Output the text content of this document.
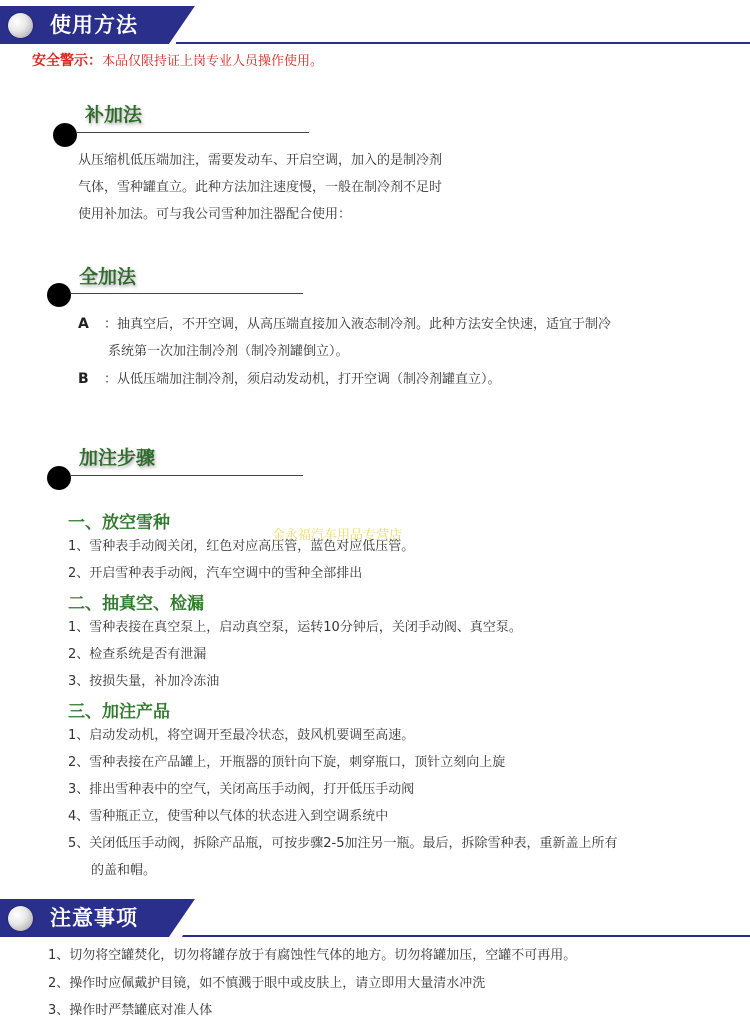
使用方法
安全警示：本品仅限持证上岗专业人员操作使用。
补加法
从压缩机低压端加注，需要发动车、开启空调，加入的是制冷剂
气体，雪种罐直立。此种方法加注速度慢，一般在制冷剂不足时
使用补加法。可与我公司雪种加注器配合使用：
全加法
A ：抽真空后，不开空调，从高压端直接加入液态制冷剂。此种方法安全快速，适宜于制冷
系统第一次加注制冷剂（制冷剂罐倒立）。
B ：从低压端加注制冷剂，须启动发动机，打开空调（制冷剂罐直立）。
加注步骤
一、放空雪种
金永福汽车用品专营店
1、雪种表手动阀关闭，红色对应高压管，蓝色对应低压管。
2、开启雪种表手动阀，汽车空调中的雪种全部排出
二、抽真空、检漏
1、雪种表接在真空泵上，启动真空泵，运转10分钟后，关闭手动阀、真空泵。
2、检查系统是否有泄漏
3、按损失量，补加冷冻油
三、加注产品
1、启动发动机，将空调开至最冷状态，鼓风机要调至高速。
2、雪种表接在产品罐上，开瓶器的顶针向下旋，刺穿瓶口，顶针立刻向上旋
3、排出雪种表中的空气，关闭高压手动阀，打开低压手动阀
4、雪种瓶正立，使雪种以气体的状态进入到空调系统中
5、关闭低压手动阀，拆除产品瓶，可按步骤2-5加注另一瓶。最后，拆除雪种表，重新盖上所有
的盖和帽。
注意事项
1、切勿将空罐焚化，切勿将罐存放于有腐蚀性气体的地方。切勿将罐加压，空罐不可再用。
2、操作时应佩戴护目镜，如不慎溅于眼中或皮肤上，请立即用大量清水冲洗
3、操作时严禁罐底对准人体
